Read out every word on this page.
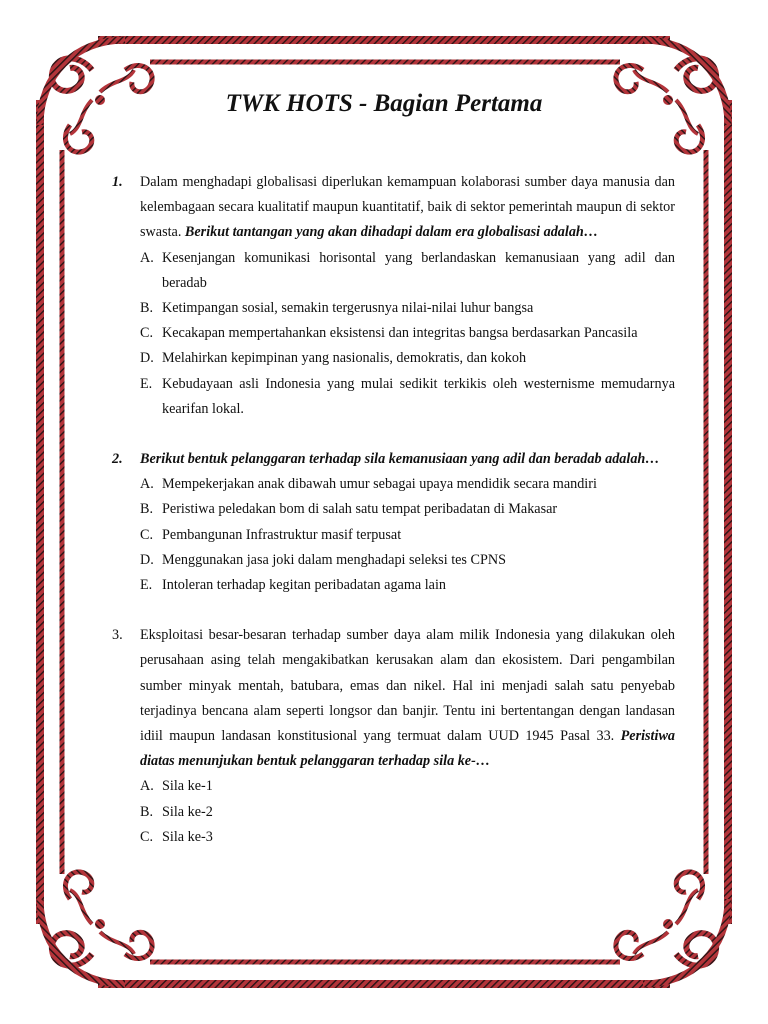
TWK HOTS - Bagian Pertama
1.	Dalam menghadapi globalisasi diperlukan kemampuan kolaborasi sumber daya manusia dan kelembagaan secara kualitatif maupun kuantitatif, baik di sektor pemerintah maupun di sektor swasta. Berikut tantangan yang akan dihadapi dalam era globalisasi adalah…
A. Kesenjangan komunikasi horisontal yang berlandaskan kemanusiaan yang adil dan beradab
B. Ketimpangan sosial, semakin tergerusnya nilai-nilai luhur bangsa
C. Kecakapan mempertahankan eksistensi dan integritas bangsa berdasarkan Pancasila
D. Melahirkan kepimpinan yang nasionalis, demokratis, dan kokoh
E. Kebudayaan asli Indonesia yang mulai sedikit terkikis oleh westernisme memudarnya kearifan lokal.
2.	Berikut bentuk pelanggaran terhadap sila kemanusiaan yang adil dan beradab adalah…
A. Mempekerjakan anak dibawah umur sebagai upaya mendidik secara mandiri
B. Peristiwa peledakan bom di salah satu tempat peribadatan di Makasar
C. Pembangunan Infrastruktur masif terpusat
D. Menggunakan jasa joki dalam menghadapi seleksi tes CPNS
E. Intoleran terhadap kegitan peribadatan agama lain
3.	Eksploitasi besar-besaran terhadap sumber daya alam milik Indonesia yang dilakukan oleh perusahaan asing telah mengakibatkan kerusakan alam dan ekosistem. Dari pengambilan sumber minyak mentah, batubara, emas dan nikel. Hal ini menjadi salah satu penyebab terjadinya bencana alam seperti longsor dan banjir. Tentu ini bertentangan dengan landasan idiil maupun landasan konstitusional yang termuat dalam UUD 1945 Pasal 33. Peristiwa diatas menunjukan bentuk pelanggaran terhadap sila ke-…
A. Sila ke-1
B. Sila ke-2
C. Sila ke-3
